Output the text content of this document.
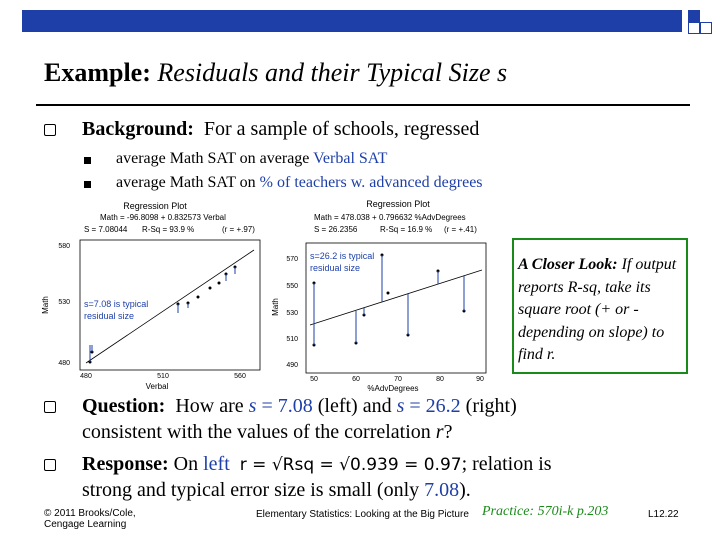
Example: Residuals and their Typical Size s
Background: For a sample of schools, regressed
average Math SAT on average Verbal SAT
average Math SAT on % of teachers w. advanced degrees
Regression Plot
Math = -96.8098 + 0.832573 Verbal
S = 7.08044 R-Sq = 93.9 %	(r = +.97)
580
530
480
480	510	560
Verbal
Math	s=7.08 is typical
residual size
Regression Plot
Math = 478.038 + 0.796632 %AdvDegrees
S = 26.2356	R-Sq = 16.9 % (r = +.41)
570
550
530
510
490
50	60	70	80	90
%AdvDegrees
Math
s=26.2 is typical
residual size	A Closer Look: If output reports R-sq, take its square root (+ or - depending on slope) to find r.
Question: How are s = 7.08 (left) and s = 26.2 (right)
consistent with the values of the correlation r?
Response: On left r = √Rsq = √0.939 = 0.97; relation is
strong and typical error size is small (only 7.08).
© 2011 Brooks/Cole,
Cengage Learning
Elementary Statistics: Looking at the Big Picture Practice: 570i-k p.203	L12.22
